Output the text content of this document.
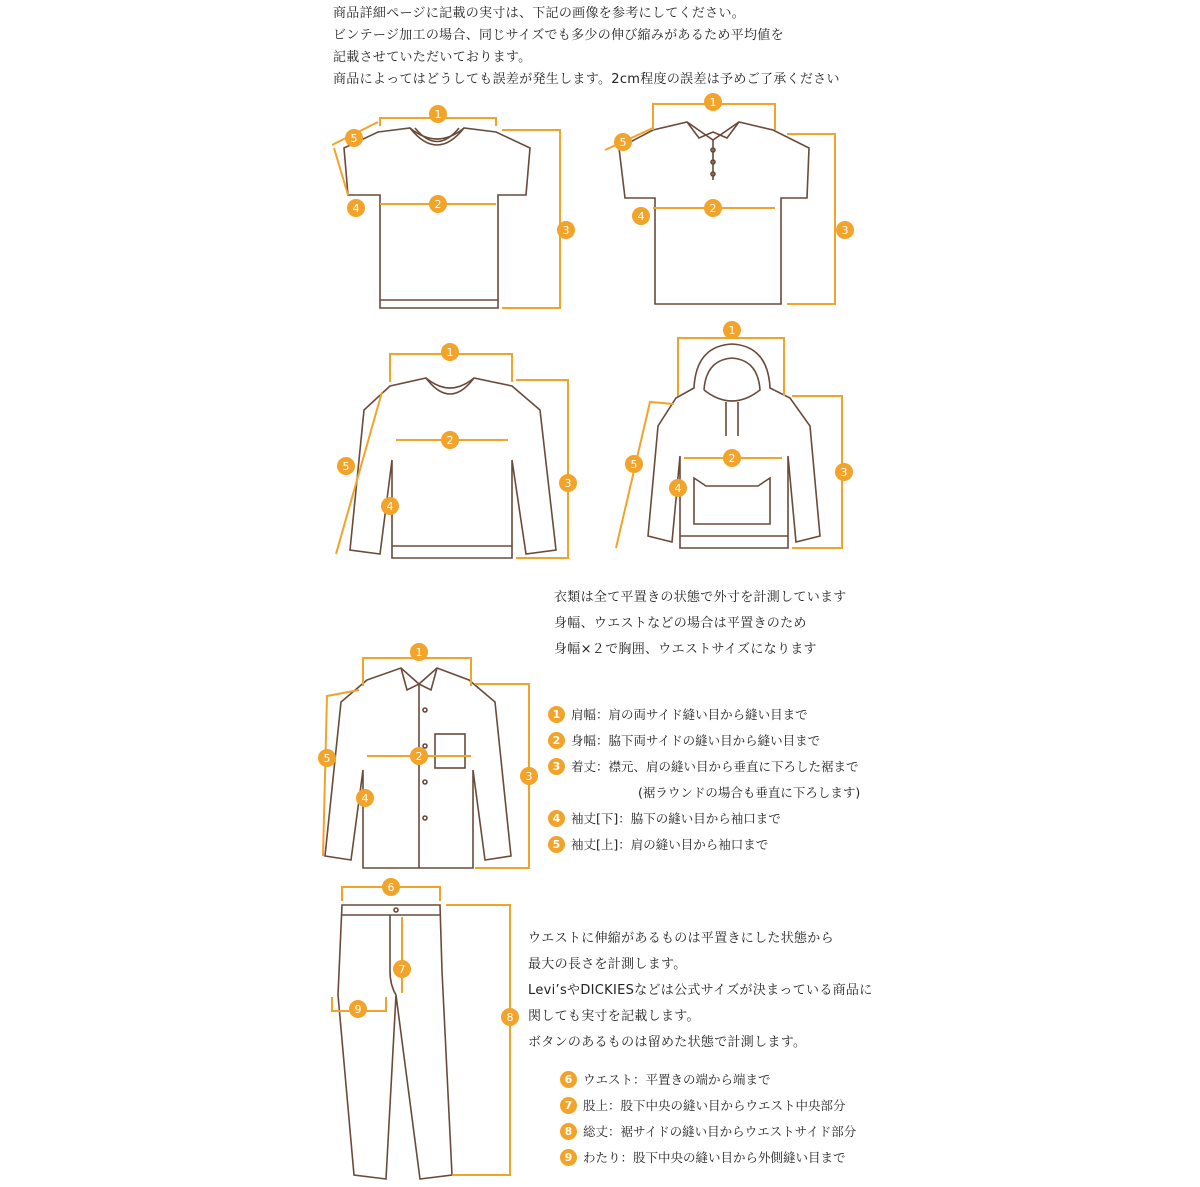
商品詳細ページに記載の実寸は、下記の画像を参考にしてください。
ビンテージ加工の場合、同じサイズでも多少の伸び縮みがあるため平均値を
記載させていただいております。
商品によってはどうしても誤差が発生します。2cm程度の誤差は予めご了承ください
1
2
3
4
5
1
2
3
4
5
1
2
3
4
5
1
2
3
4
5
衣類は全て平置きの状態で外寸を計測しています
身幅、ウエストなどの場合は平置きのため
身幅×２で胸囲、ウエストサイズになります
1
2
3
4
5
1 肩幅：肩の両サイド縫い目から縫い目まで
2 身幅：脇下両サイドの縫い目から縫い目まで
3 着丈：襟元、肩の縫い目から垂直に下ろした裾まで
(裾ラウンドの場合も垂直に下ろします)
4 袖丈[下]：脇下の縫い目から袖口まで
5 袖丈[上]：肩の縫い目から袖口まで
6
7
8
9
ウエストに伸縮があるものは平置きにした状態から
最大の長さを計測します。
Levi’sやDICKIESなどは公式サイズが決まっている商品に
関しても実寸を記載します。
ボタンのあるものは留めた状態で計測します。
6 ウエスト：平置きの端から端まで
7 股上：股下中央の縫い目からウエスト中央部分
8 総丈：裾サイドの縫い目からウエストサイド部分
9 わたり：股下中央の縫い目から外側縫い目まで
